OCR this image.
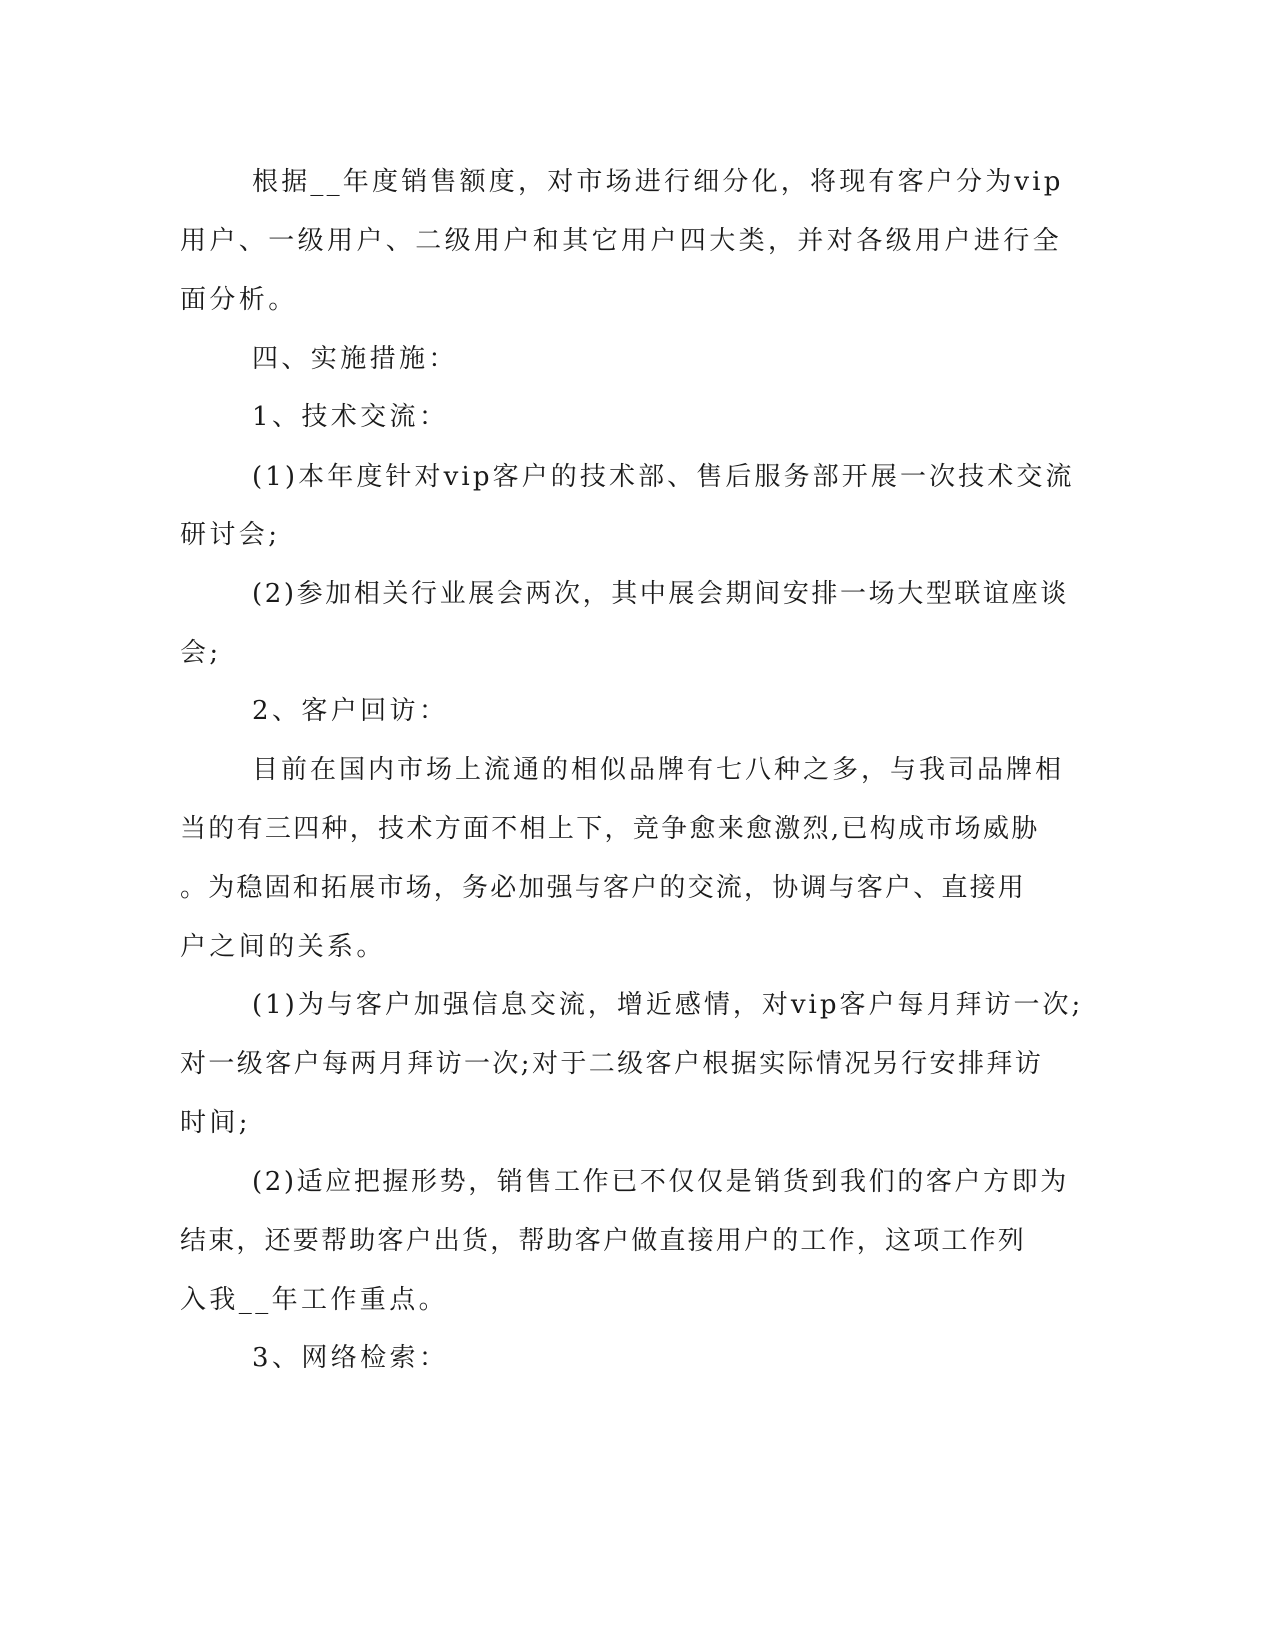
根据__年度销售额度，对市场进行细分化，将现有客户分为vip
用户、一级用户、二级用户和其它用户四大类，并对各级用户进行全
面分析。
四、实施措施：
1、技术交流：
(1)本年度针对vip客户的技术部、售后服务部开展一次技术交流
研讨会;
(2)参加相关行业展会两次，其中展会期间安排一场大型联谊座谈
会;
2、客户回访：
目前在国内市场上流通的相似品牌有七八种之多，与我司品牌相
当的有三四种，技术方面不相上下，竞争愈来愈激烈,已构成市场威胁
。为稳固和拓展市场，务必加强与客户的交流，协调与客户、直接用
户之间的关系。
(1)为与客户加强信息交流，增近感情，对vip客户每月拜访一次;
对一级客户每两月拜访一次;对于二级客户根据实际情况另行安排拜访
时间;
(2)适应把握形势，销售工作已不仅仅是销货到我们的客户方即为
结束，还要帮助客户出货，帮助客户做直接用户的工作，这项工作列
入我__年工作重点。
3、网络检索：
